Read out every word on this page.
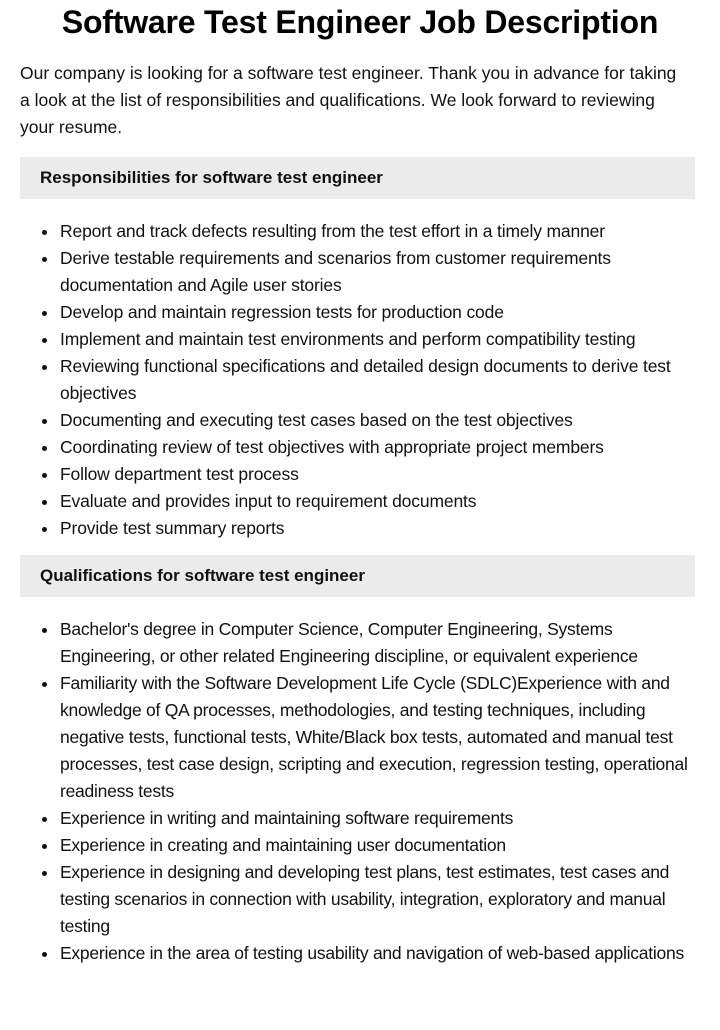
Software Test Engineer Job Description

Our company is looking for a software test engineer. Thank you in advance for taking a look at the list of responsibilities and qualifications. We look forward to reviewing your resume.

Responsibilities for software test engineer
Report and track defects resulting from the test effort in a timely manner
Derive testable requirements and scenarios from customer requirements documentation and Agile user stories
Develop and maintain regression tests for production code
Implement and maintain test environments and perform compatibility testing
Reviewing functional specifications and detailed design documents to derive test objectives
Documenting and executing test cases based on the test objectives
Coordinating review of test objectives with appropriate project members
Follow department test process
Evaluate and provides input to requirement documents
Provide test summary reports
Qualifications for software test engineer
Bachelor's degree in Computer Science, Computer Engineering, Systems Engineering, or other related Engineering discipline, or equivalent experience
Familiarity with the Software Development Life Cycle (SDLC)Experience with and knowledge of QA processes, methodologies, and testing techniques, including negative tests, functional tests, White/Black box tests, automated and manual test processes, test case design, scripting and execution, regression testing, operational readiness tests
Experience in writing and maintaining software requirements
Experience in creating and maintaining user documentation
Experience in designing and developing test plans, test estimates, test cases and testing scenarios in connection with usability, integration, exploratory and manual testing
Experience in the area of testing usability and navigation of web-based applications
